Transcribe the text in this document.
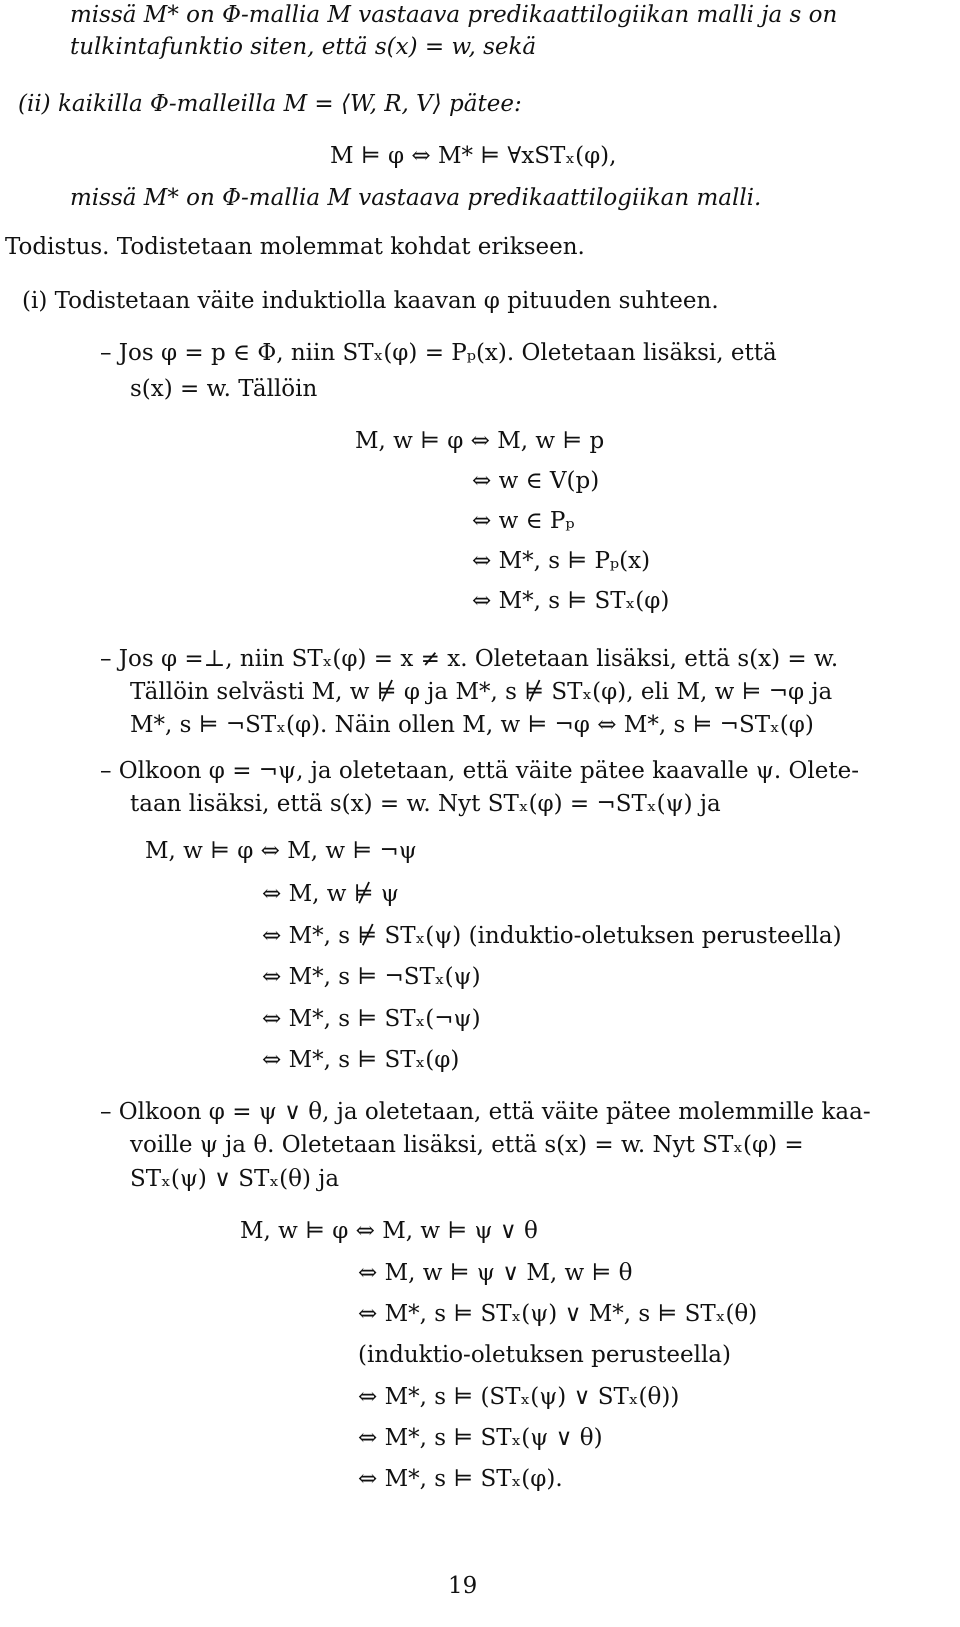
missä M* on Φ-mallia M vastaava predikaattilogiikan malli ja s on
tulkintafunktio siten, että s(x) = w, sekä
(ii) kaikilla Φ-malleilla M = ⟨W, R, V⟩ pätee:
M ⊨ φ ⇔ M* ⊨ ∀xSTₓ(φ),
missä M* on Φ-mallia M vastaava predikaattilogiikan malli.
Todistus. Todistetaan molemmat kohdat erikseen.
(i) Todistetaan väite induktiolla kaavan φ pituuden suhteen.
– Jos φ = p ∈ Φ, niin STₓ(φ) = Pₚ(x). Oletetaan lisäksi, että
s(x) = w. Tällöin
M, w ⊨ φ ⇔ M, w ⊨ p
⇔ w ∈ V(p)
⇔ w ∈ Pₚ
⇔ M*, s ⊨ Pₚ(x)
⇔ M*, s ⊨ STₓ(φ)
– Jos φ =⊥, niin STₓ(φ) = x ≠ x. Oletetaan lisäksi, että s(x) = w.
Tällöin selvästi M, w ⊭ φ ja M*, s ⊭ STₓ(φ), eli M, w ⊨ ¬φ ja
M*, s ⊨ ¬STₓ(φ). Näin ollen M, w ⊨ ¬φ ⇔ M*, s ⊨ ¬STₓ(φ)
– Olkoon φ = ¬ψ, ja oletetaan, että väite pätee kaavalle ψ. Olete-
taan lisäksi, että s(x) = w. Nyt STₓ(φ) = ¬STₓ(ψ) ja
M, w ⊨ φ ⇔ M, w ⊨ ¬ψ
⇔ M, w ⊭ ψ
⇔ M*, s ⊭ STₓ(ψ) (induktio-oletuksen perusteella)
⇔ M*, s ⊨ ¬STₓ(ψ)
⇔ M*, s ⊨ STₓ(¬ψ)
⇔ M*, s ⊨ STₓ(φ)
– Olkoon φ = ψ ∨ θ, ja oletetaan, että väite pätee molemmille kaa-
voille ψ ja θ. Oletetaan lisäksi, että s(x) = w. Nyt STₓ(φ) =
STₓ(ψ) ∨ STₓ(θ) ja
M, w ⊨ φ ⇔ M, w ⊨ ψ ∨ θ
⇔ M, w ⊨ ψ ∨ M, w ⊨ θ
⇔ M*, s ⊨ STₓ(ψ) ∨ M*, s ⊨ STₓ(θ)
(induktio-oletuksen perusteella)
⇔ M*, s ⊨ (STₓ(ψ) ∨ STₓ(θ))
⇔ M*, s ⊨ STₓ(ψ ∨ θ)
⇔ M*, s ⊨ STₓ(φ).
19
